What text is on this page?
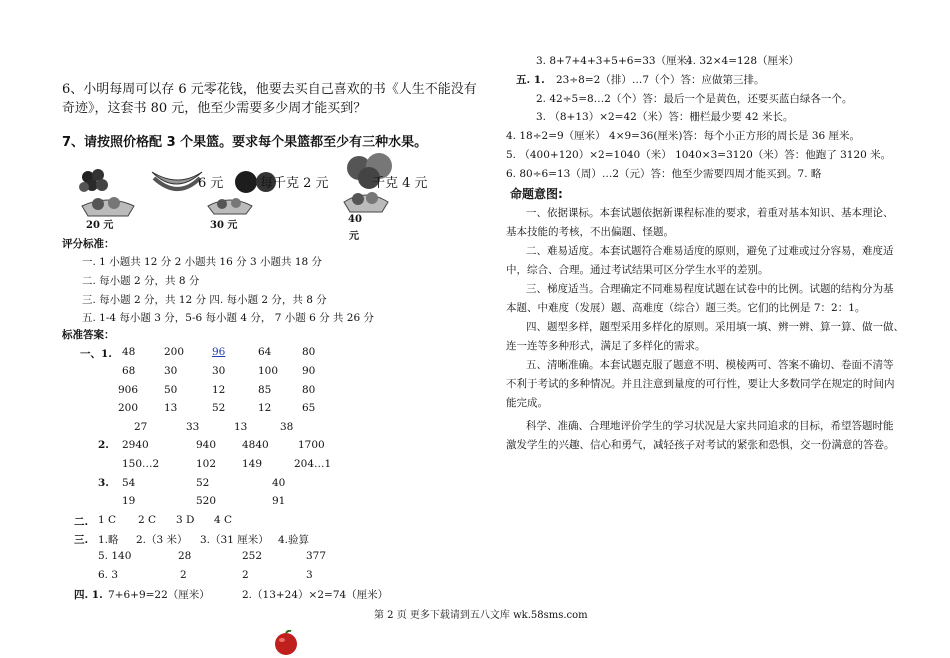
6、小明每周可以存 6 元零花钱，他要去买自己喜欢的书《人生不能没有
奇迹》，这套书 80 元，他至少需要多少周才能买到？
7、请按照价格配 3 个果篮。要求每个果篮都至少有三种水果。
6 元	每千克 2 元	千克 4 元
20 元	30 元
40
元
评分标准：
一. 1 小题共 12 分 2 小题共 16 分 3 小题共 18 分
二. 每小题 2 分，共 8 分
三. 每小题 2 分，共 12 分 四. 每小题 2 分，共 8 分
五. 1-4 每小题 3 分，5-6 每小题 4 分， 7 小题 6 分 共 26 分
标准答案：
一、1. 48	200	96	64	80
68	30	30	100 90
906 50	12	85	80
200 13	52	12	65
27	33	13	38
2. 2940	940 4840	1700
150…2	102 149	204…1
3. 54	52	40
19	520	91
二. 1 C 2 C 3 D 4 C
三. 1.略 2.（3 米） 3.（31 厘米） 4.验算
5. 140	28	252	377
6. 3	2	2	3
四. 1. 7+6+9=22（厘米）	2.（13+24）×2=74（厘米）
3. 8+7+4+3+5+6=33（厘米）
4. 32×4=128（厘米）
五. 1. 23÷8=2（排）…7（个）答：应做第三排。
2. 42÷5=8…2（个）答：最后一个是黄色，还要买蓝白绿各一个。
3. （8+13）×2=42（米）答：栅栏最少要 42 米长。
4. 18÷2=9（厘米） 4×9=36(厘米)答：每个小正方形的周长是 36 厘米。
5. （400+120）×2=1040（米） 1040×3=3120（米）答：他跑了 3120 米。
6. 80÷6=13（周）…2（元）答：他至少需要四周才能买到。7. 略
命题意图:
一、依据课标。本套试题依据新课程标准的要求，着重对基本知识、基本理论、
基本技能的考核，不出偏题、怪题。
二、难易适度。本套试题符合难易适度的原则，避免了过难或过分容易，难度适
中，综合、合理。通过考试结果可区分学生水平的差别。
三、梯度适当。合理确定不同难易程度试题在试卷中的比例。试题的结构分为基
本题、中难度（发展）题、高难度（综合）题三类。它们的比例是 7：2：1。
四、题型多样，题型采用多样化的原则。采用填一填、辨一辨、算一算、做一做、
连一连等多种形式，满足了多样化的需求。
五、清晰准确。本套试题克服了题意不明、模棱两可、答案不确切、卷面不清等
不利于考试的多种情况。并且注意到量度的可行性，要让大多数同学在规定的时间内
能完成。
科学、准确、合理地评价学生的学习状况是大家共同追求的目标，希望答题时能
激发学生的兴趣、信心和勇气，减轻孩子对考试的紧张和恐惧，交一份满意的答卷。
第 2 页 更多下载请到五八文库 wk.58sms.com
